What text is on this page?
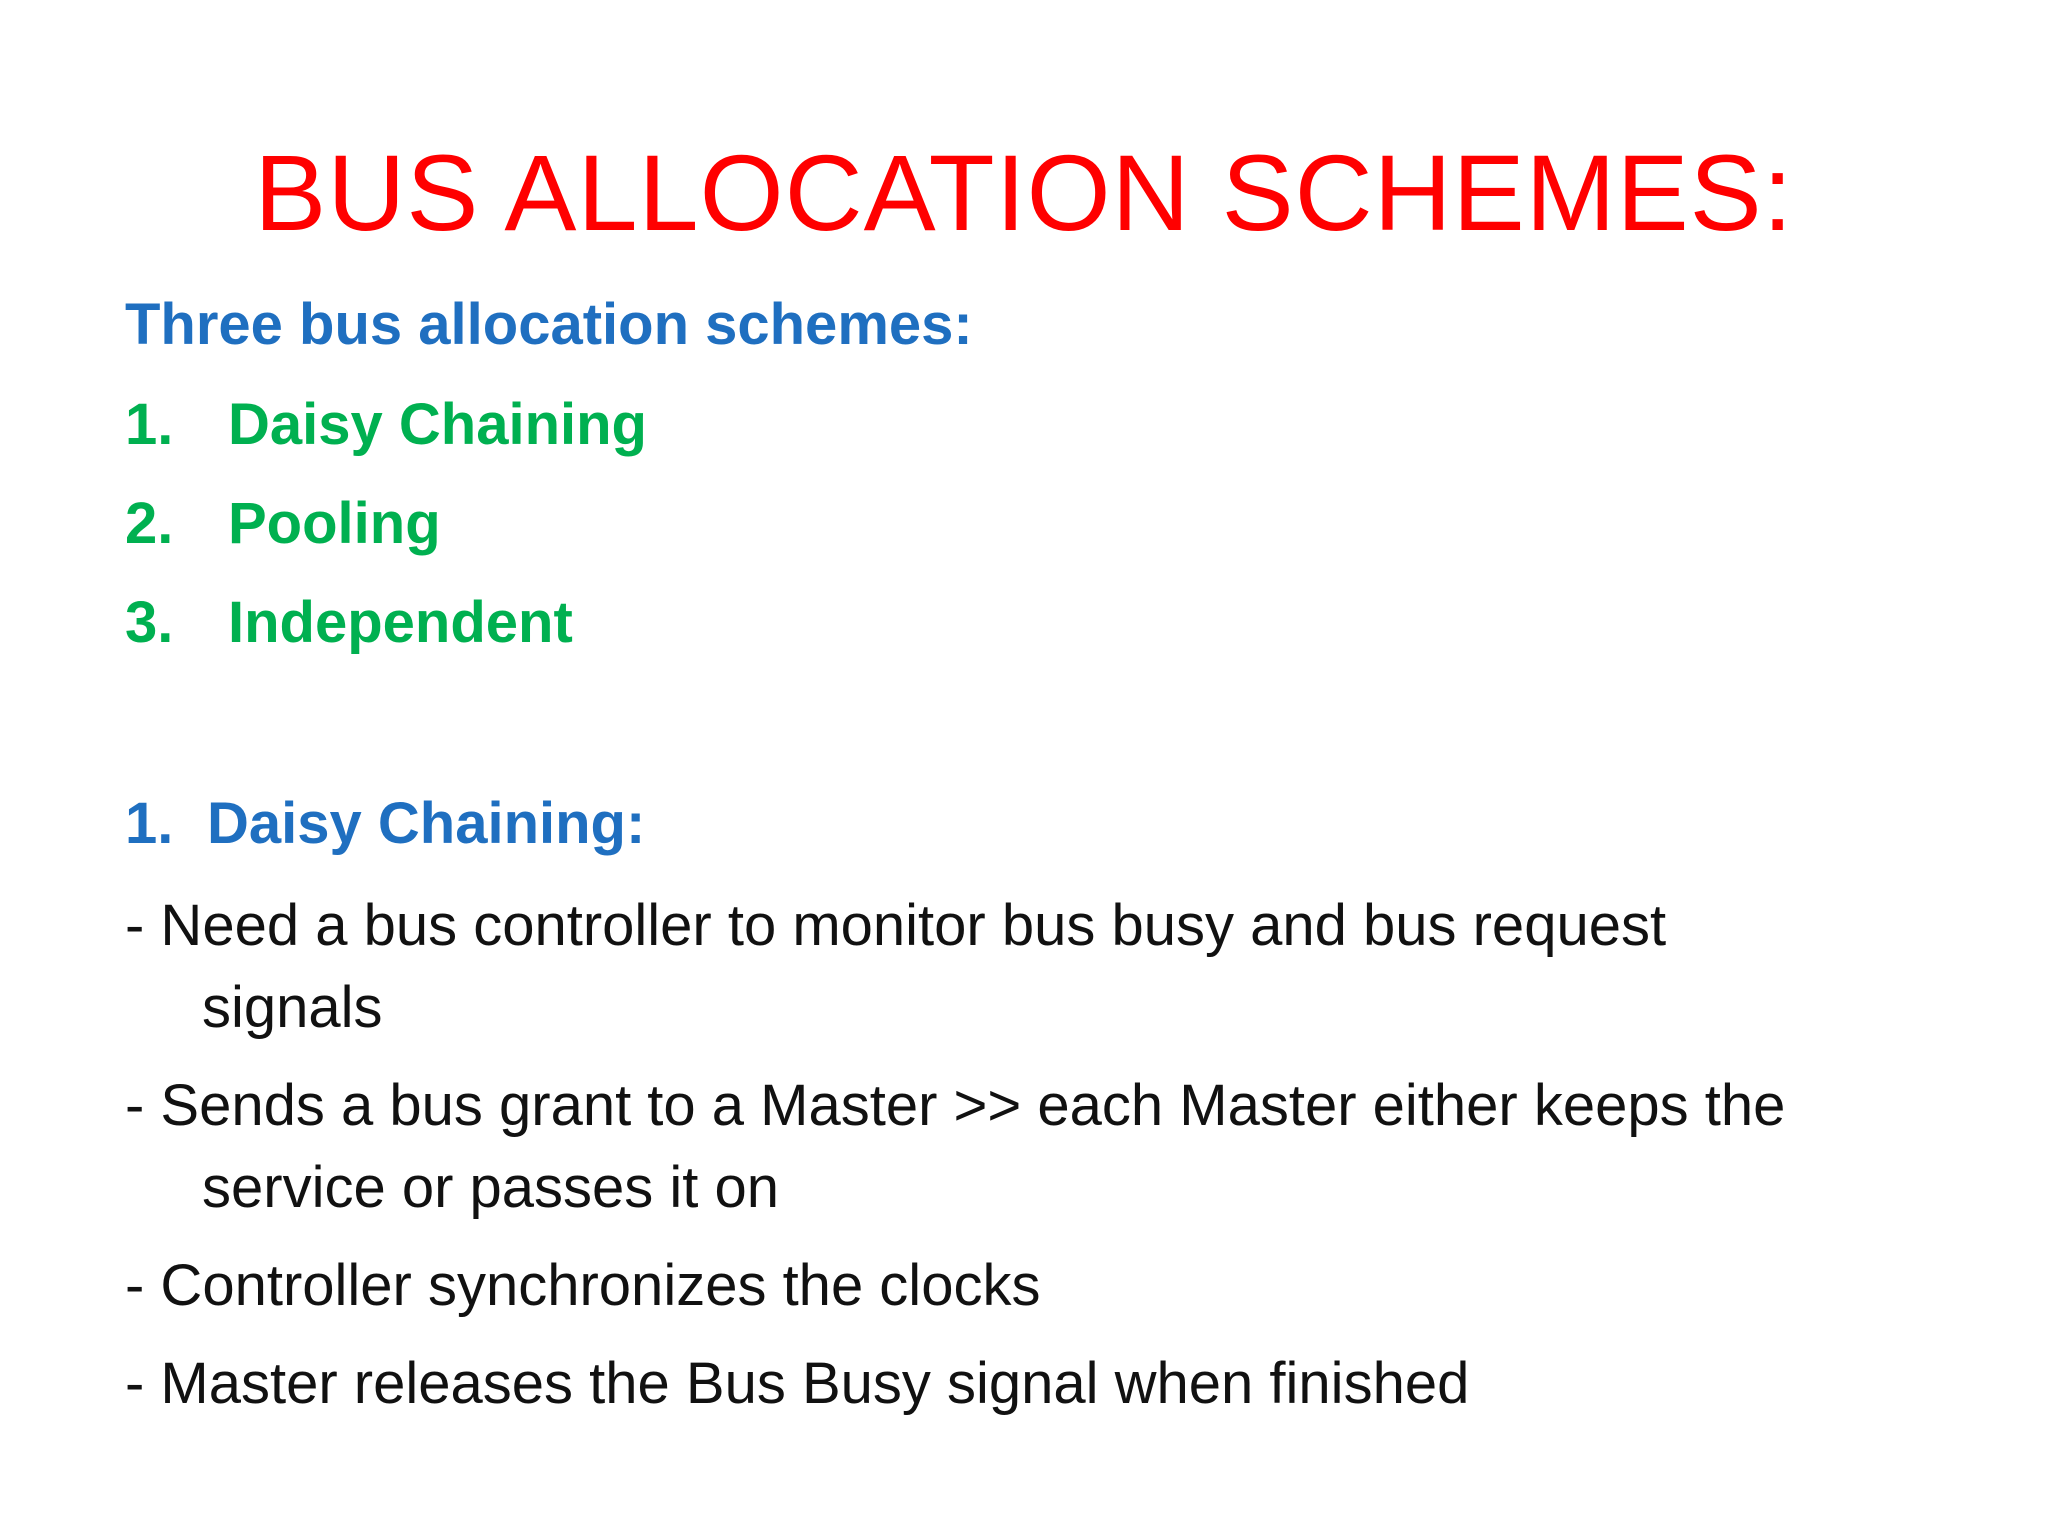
BUS ALLOCATION SCHEMES:
Three bus allocation schemes:
1. Daisy Chaining
2. Pooling
3. Independent
1. Daisy Chaining:
- Need a bus controller to monitor bus busy and bus request
signals
- Sends a bus grant to a Master >> each Master either keeps the
service or passes it on
- Controller synchronizes the clocks
- Master releases the Bus Busy signal when finished
